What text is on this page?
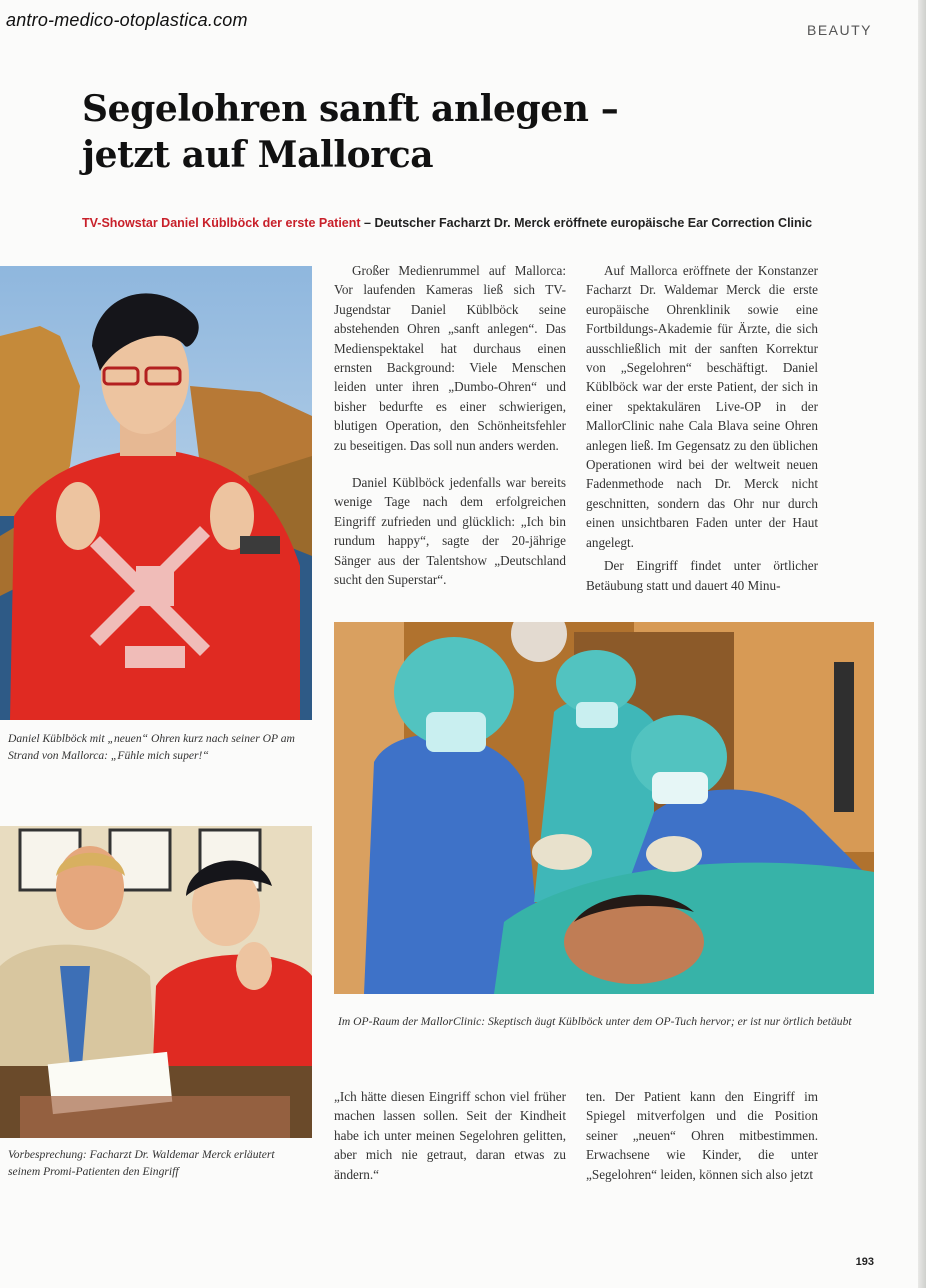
antro-medico-otoplastica.com	BEAUTY
Segelohren sanft anlegen –
jetzt auf Mallorca
TV-Showstar Daniel Küblböck der erste Patient – Deutscher Facharzt Dr. Merck eröffnete europäische Ear Correction Clinic
Daniel Küblböck mit „neuen“ Ohren kurz nach seiner OP am Strand von Mallorca: „Fühle mich super!“
Vorbesprechung: Facharzt Dr. Waldemar Merck erläutert seinem Promi-Patienten den Eingriff
Im OP-Raum der MallorClinic: Skeptisch äugt Küblböck unter dem OP-Tuch hervor; er ist nur örtlich betäubt

Großer Medienrummel auf Mallorca: Vor laufenden Kameras ließ sich TV-Jugendstar Daniel Küblböck seine abstehenden Ohren „sanft anlegen“. Das Medienspektakel hat durchaus einen ernsten Background: Viele Menschen leiden unter ihren „Dumbo-Ohren“ und bisher bedurfte es einer schwierigen, blutigen Operation, den Schönheitsfehler zu beseitigen. Das soll nun anders werden.

Daniel Küblböck jedenfalls war bereits wenige Tage nach dem erfolgreichen Eingriff zufrieden und glücklich: „Ich bin rundum happy“, sagte der 20-jährige Sänger aus der Talentshow „Deutschland sucht den Superstar“.

Auf Mallorca eröffnete der Konstanzer Facharzt Dr. Waldemar Merck die erste europäische Ohrenklinik sowie eine Fortbildungs-Akademie für Ärzte, die sich ausschließlich mit der sanften Korrektur von „Segelohren“ beschäftigt. Daniel Küblböck war der erste Patient, der sich in einer spektakulären Live-OP in der MallorClinic nahe Cala Blava seine Ohren anlegen ließ. Im Gegensatz zu den üblichen Operationen wird bei der weltweit neuen Fadenmethode nach Dr. Merck nicht geschnitten, sondern das Ohr nur durch einen unsichtbaren Faden unter der Haut angelegt.

Der Eingriff findet unter örtlicher Betäubung statt und dauert 40 Minu-

„Ich hätte diesen Eingriff schon viel früher machen lassen sollen. Seit der Kindheit habe ich unter meinen Segelohren gelitten, aber mich nie getraut, daran etwas zu ändern.“

ten. Der Patient kann den Eingriff im Spiegel mitverfolgen und die Position seiner „neuen“ Ohren mitbestimmen. Erwachsene wie Kinder, die unter „Segelohren“ leiden, können sich also jetzt

193
